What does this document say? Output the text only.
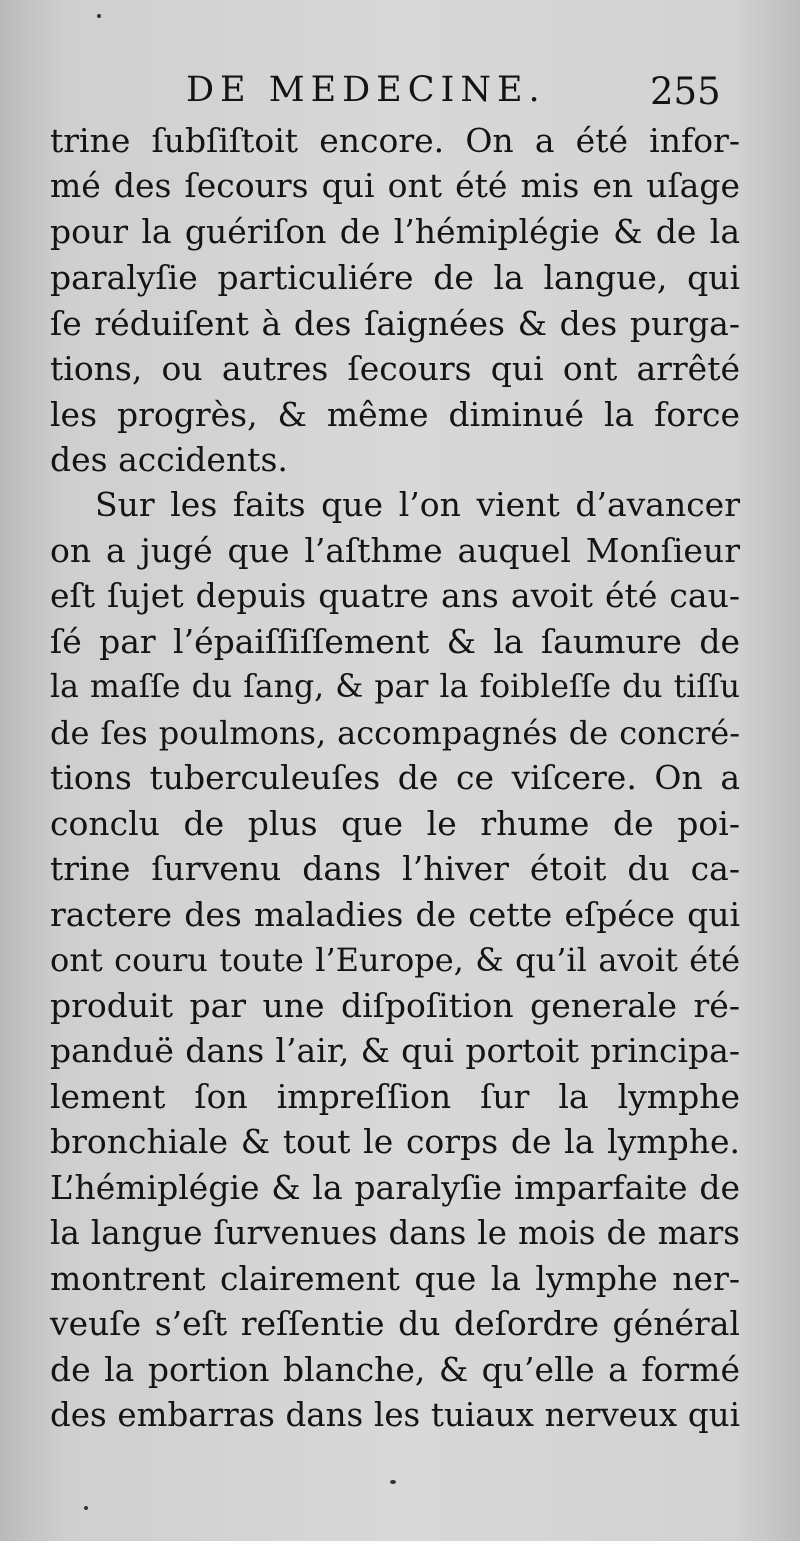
DE MEDECINE.	255
trine ſubſiſtoit encore. On a été infor-
mé des ſecours qui ont été mis en uſage
pour la guériſon de l’hémiplégie & de la
paralyſie particuliére de la langue, qui
ſe réduiſent à des ſaignées & des purga-
tions, ou autres ſecours qui ont arrêté
les progrès, & même diminué la force
des accidents.
Sur les faits que l’on vient d’avancer
on a jugé que l’aſthme auquel Monſieur
eſt ſujet depuis quatre ans avoit été cau-
ſé par l’épaiſſiſſement & la ſaumure de
la maſſe du ſang, & par la foibleſſe du tiſſu
de ſes poulmons, accompagnés de concré-
tions tuberculeuſes de ce viſcere. On a
conclu de plus que le rhume de poi-
trine ſurvenu dans l’hiver étoit du ca-
ractere des maladies de cette eſpéce qui
ont couru toute l’Europe, & qu’il avoit été
produit par une diſpoſition generale ré-
panduë dans l’air, & qui portoit principa-
lement ſon impreſſion ſur la lymphe
bronchiale & tout le corps de la lymphe.
L’hémiplégie & la paralyſie imparfaite de
la langue ſurvenues dans le mois de mars
montrent clairement que la lymphe ner-
veuſe s’eſt reſſentie du deſordre général
de la portion blanche, & qu’elle a formé
des embarras dans les tuiaux nerveux qui
